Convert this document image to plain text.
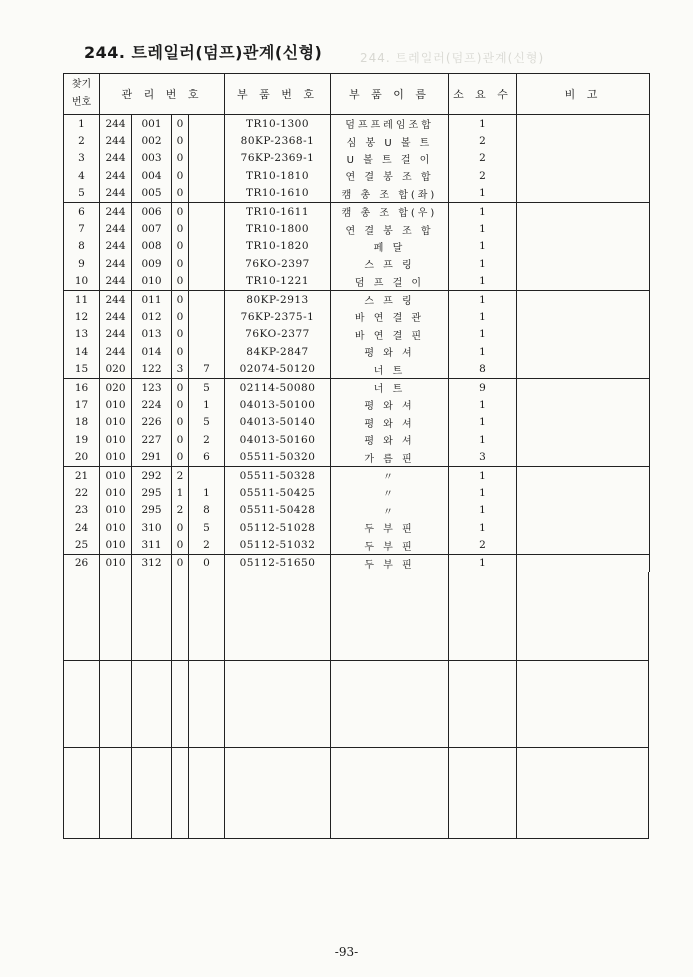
244. 트레일러(덤프)관계(신형)	244. 트레일러(덤프)관계(신형)
찾기
번호	관 리 번 호				부 품 번 호	부 품 이 름	소 요 수	비 고
1	244	001	0		TR10-1300	덤프프레임조합	1	
2	244	002	0		80KP-2368-1	심 봉 U 볼 트	2	
3	244	003	0		76KP-2369-1	U 볼 트 걸 이	2	
4	244	004	0		TR10-1810	연 결 봉 조 합	2	
5	244	005	0		TR10-1610	캠 총 조 합(좌)	1	
6	244	006	0		TR10-1611	캠 총 조 합(우)	1	
7	244	007	0		TR10-1800	연 결 봉 조 합	1	
8	244	008	0		TR10-1820	페 달	1	
9	244	009	0		76KO-2397	스 프 링	1	
10	244	010	0		TR10-1221	덤 프 걸 이	1	
11	244	011	0		80KP-2913	스 프 링	1	
12	244	012	0		76KP-2375-1	바 연 결 관	1	
13	244	013	0		76KO-2377	바 연 결 핀	1	
14	244	014	0		84KP-2847	평 와 셔	1	
15	020	122	3	7	02074-50120	너 트	8	
16	020	123	0	5	02114-50080	너 트	9	
17	010	224	0	1	04013-50100	평 와 셔	1	
18	010	226	0	5	04013-50140	평 와 셔	1	
19	010	227	0	2	04013-50160	평 와 셔	1	
20	010	291	0	6	05511-50320	가 름 핀	3	
21	010	292	2		05511-50328	〃	1	
22	010	295	1	1	05511-50425	〃	1	
23	010	295	2	8	05511-50428	〃	1	
24	010	310	0	5	05112-51028	두 부 핀	1	
25	010	311	0	2	05112-51032	두 부 핀	2	
26	010	312	0	0	05112-51650	두 부 핀	1	
-93-
